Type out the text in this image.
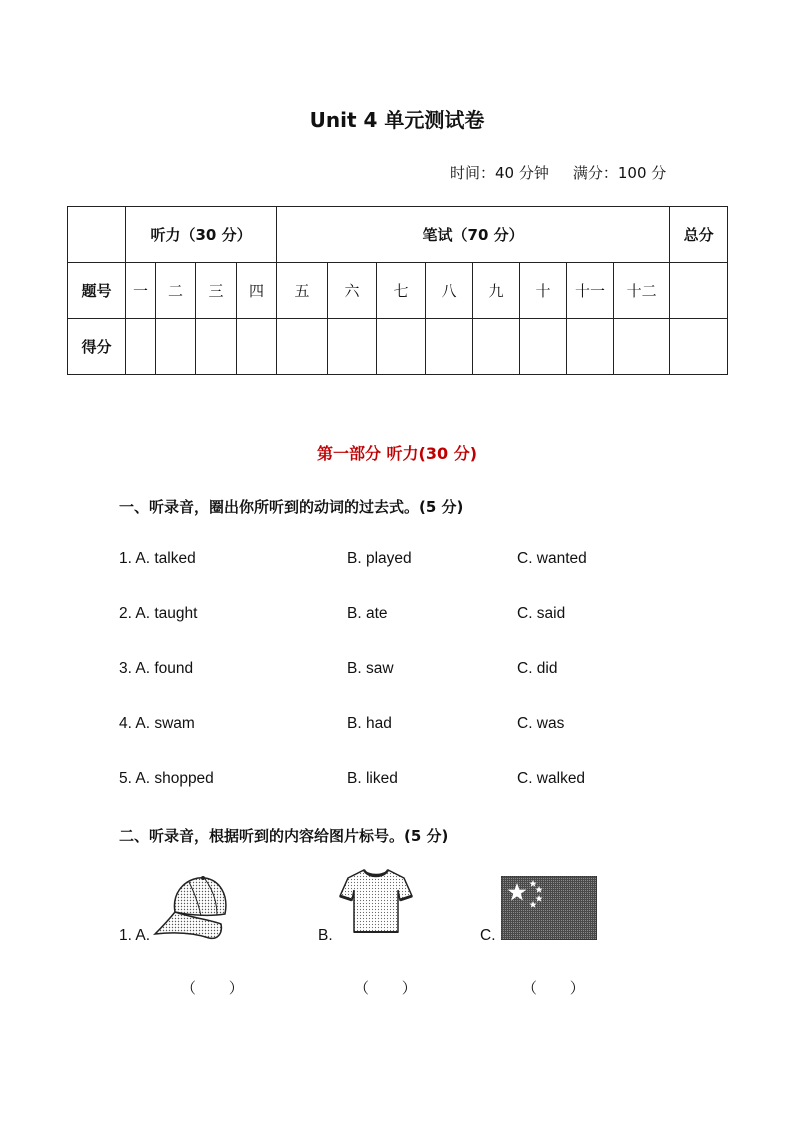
Unit 4 单元测试卷
时间：40 分钟 满分：100 分
	听力（30 分）				笔试（70 分）								总分
题号	一	二	三	四	五	六	七	八	九	十	十一	十二	
得分													
第一部分 听力(30 分)
一、听录音，圈出你所听到的动词的过去式。(5 分)
1. A. talked	B. played	C. wanted
2. A. taught	B. ate	C. said
3. A. found	B. saw	C. did
4. A. swam	B. had	C. was
5. A. shopped	B. liked	C. walked
二、听录音，根据听到的内容给图片标号。(5 分)
1. A.
（ ）
B.
（ ）
C.
（ ）
